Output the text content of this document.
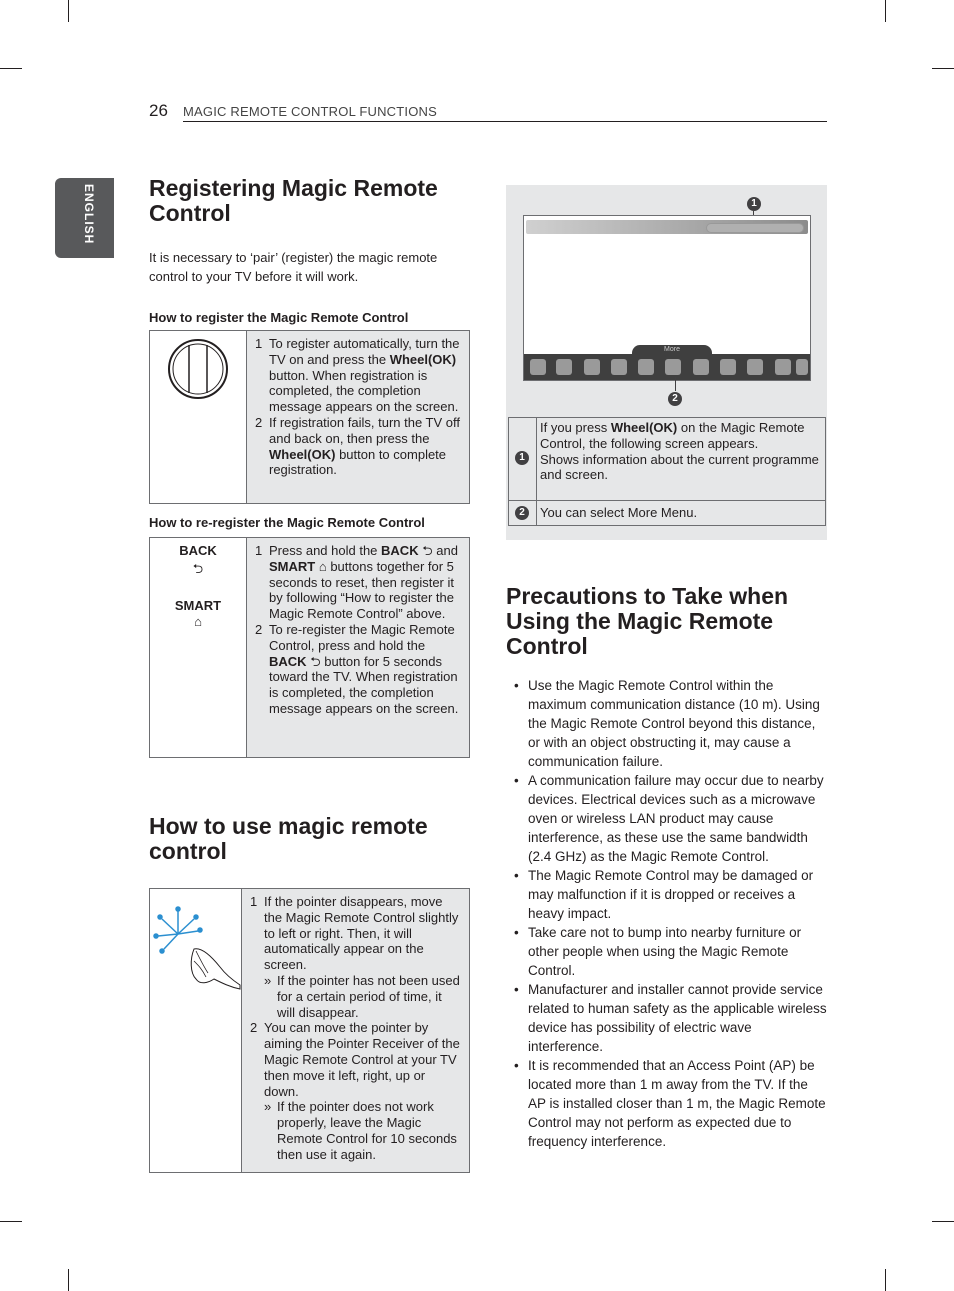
26 MAGIC REMOTE CONTROL FUNCTIONS
ENGLISH Registering Magic Remote Control
It is necessary to ‘pair’ (register) the magic remote control to your TV before it will work.
How to register the Magic Remote Control
1 To register automatically, turn the TV on and press the Wheel(OK) button. When registration is completed, the completion message appears on the screen.
2 If registration fails, turn the TV off and back on, then press the Wheel(OK) button to complete registration.
How to re-register the Magic Remote Control
BACK
⮌
SMART
⌂
1 Press and hold the BACK ⮌ and SMART ⌂ buttons together for 5 seconds to reset, then register it by following “How to register the Magic Remote Control” above.
2 To re-register the Magic Remote Control, press and hold the BACK ⮌ button for 5 seconds toward the TV. When registration is completed, the completion message appears on the screen.
How to use magic remote control
1 If the pointer disappears, move the Magic Remote Control slightly to left or right. Then, it will automatically appear on the screen.
» If the pointer has not been used for a certain period of time, it will disappear.
2 You can move the pointer by aiming the Pointer Receiver of the Magic Remote Control at your TV then move it left, right, up or down.
» If the pointer does not work properly, leave the Magic Remote Control for 10 seconds then use it again.
1
More
2
1
If you press Wheel(OK) on the Magic Remote Control, the following screen appears.
Shows information about the current programme and screen.
2	You can select More Menu.
Precautions to Take when Using the Magic Remote Control
• Use the Magic Remote Control within the maximum communication distance (10 m). Using the Magic Remote Control beyond this distance, or with an object obstructing it, may cause a communication failure.
• A communication failure may occur due to nearby devices. Electrical devices such as a microwave oven or wireless LAN product may cause interference, as these use the same bandwidth (2.4 GHz) as the Magic Remote Control.
• The Magic Remote Control may be damaged or may malfunction if it is dropped or receives a heavy impact.
• Take care not to bump into nearby furniture or other people when using the Magic Remote Control.
• Manufacturer and installer cannot provide service related to human safety as the applicable wireless device has possibility of electric wave interference.
• It is recommended that an Access Point (AP) be located more than 1 m away from the TV. If the AP is installed closer than 1 m, the Magic Remote Control may not perform as expected due to frequency interference.
